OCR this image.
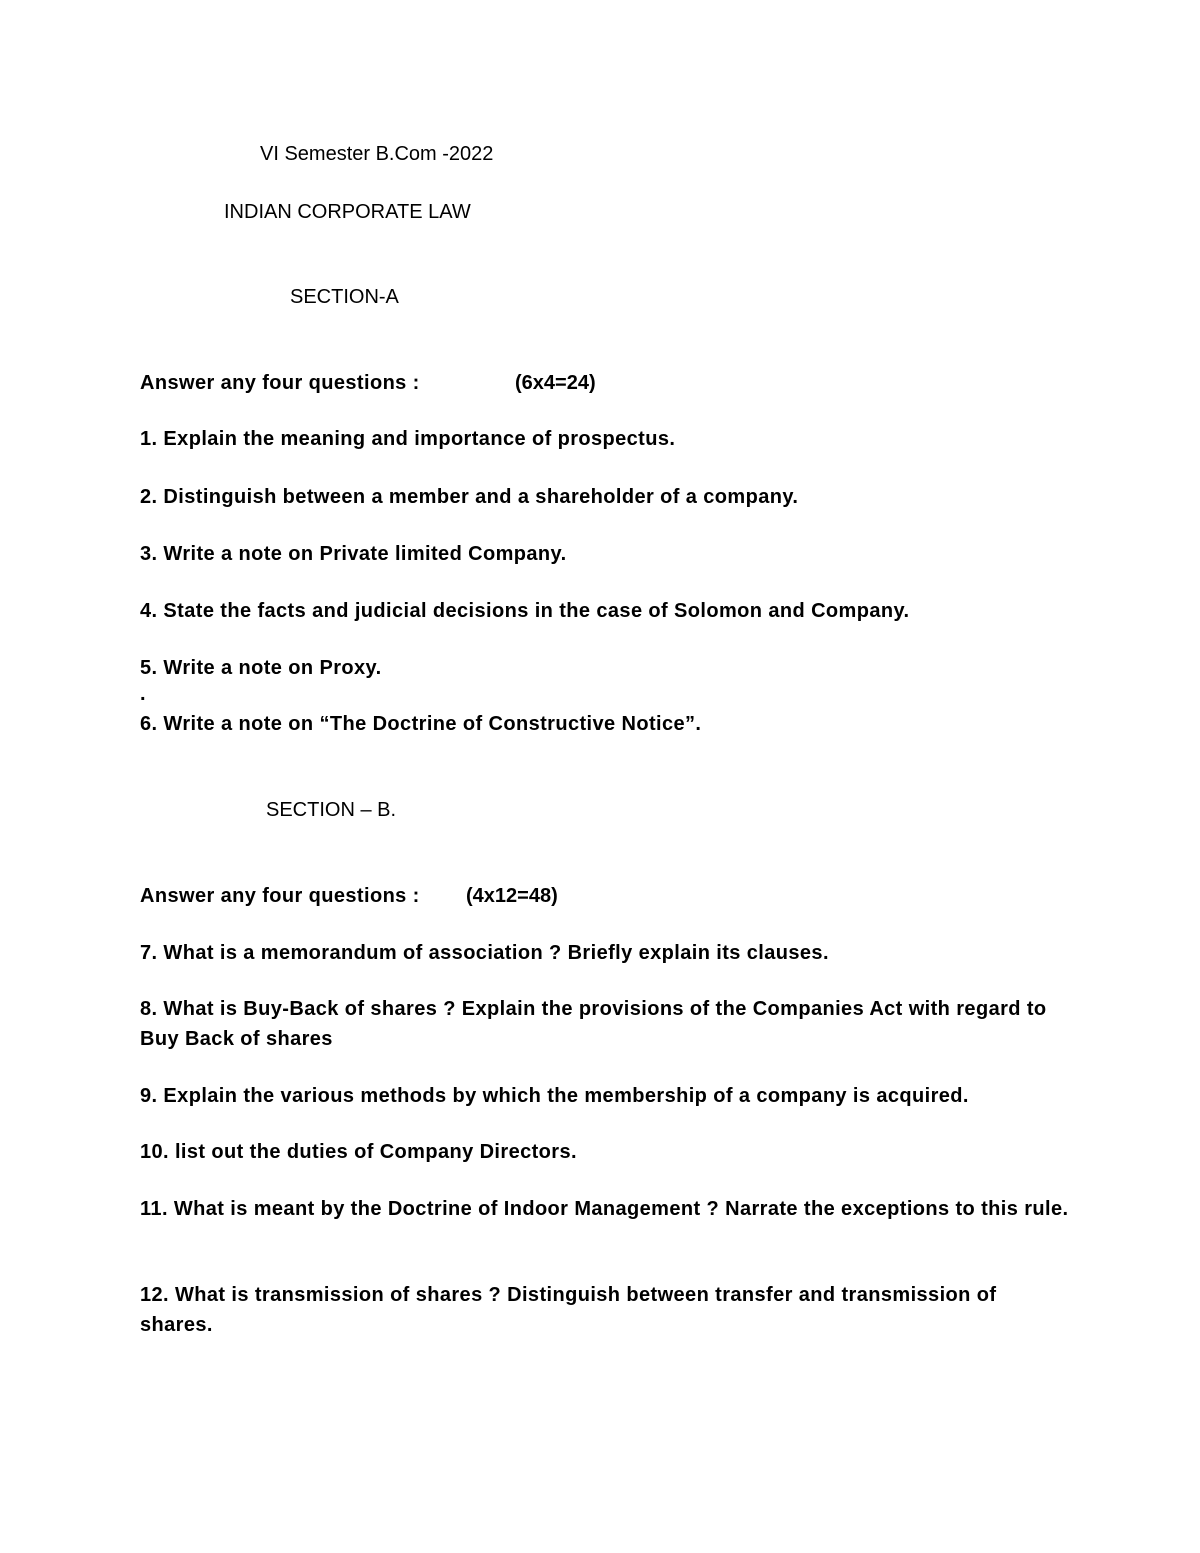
VI Semester B.Com -2022

INDIAN CORPORATE LAW

SECTION-A

Answer any four questions :	(6x4=24)

1. Explain the meaning and importance of prospectus.

2. Distinguish between a member and a shareholder of a company.

3. Write a note on Private limited Company.

4. State the facts and judicial decisions in the case of Solomon and Company.

5. Write a note on Proxy.

.

6. Write a note on “The Doctrine of Constructive Notice”.

SECTION – B.

Answer any four questions : (4x12=48)

7. What is a memorandum of association ? Briefly explain its clauses.

8. What is Buy-Back of shares ? Explain the provisions of the Companies Act with regard to Buy Back of shares

9. Explain the various methods by which the membership of a company is acquired.

10. list out the duties of Company Directors.

11. What is meant by the Doctrine of Indoor Management ? Narrate the exceptions to this rule.

12. What is transmission of shares ? Distinguish between transfer and transmission of shares.
